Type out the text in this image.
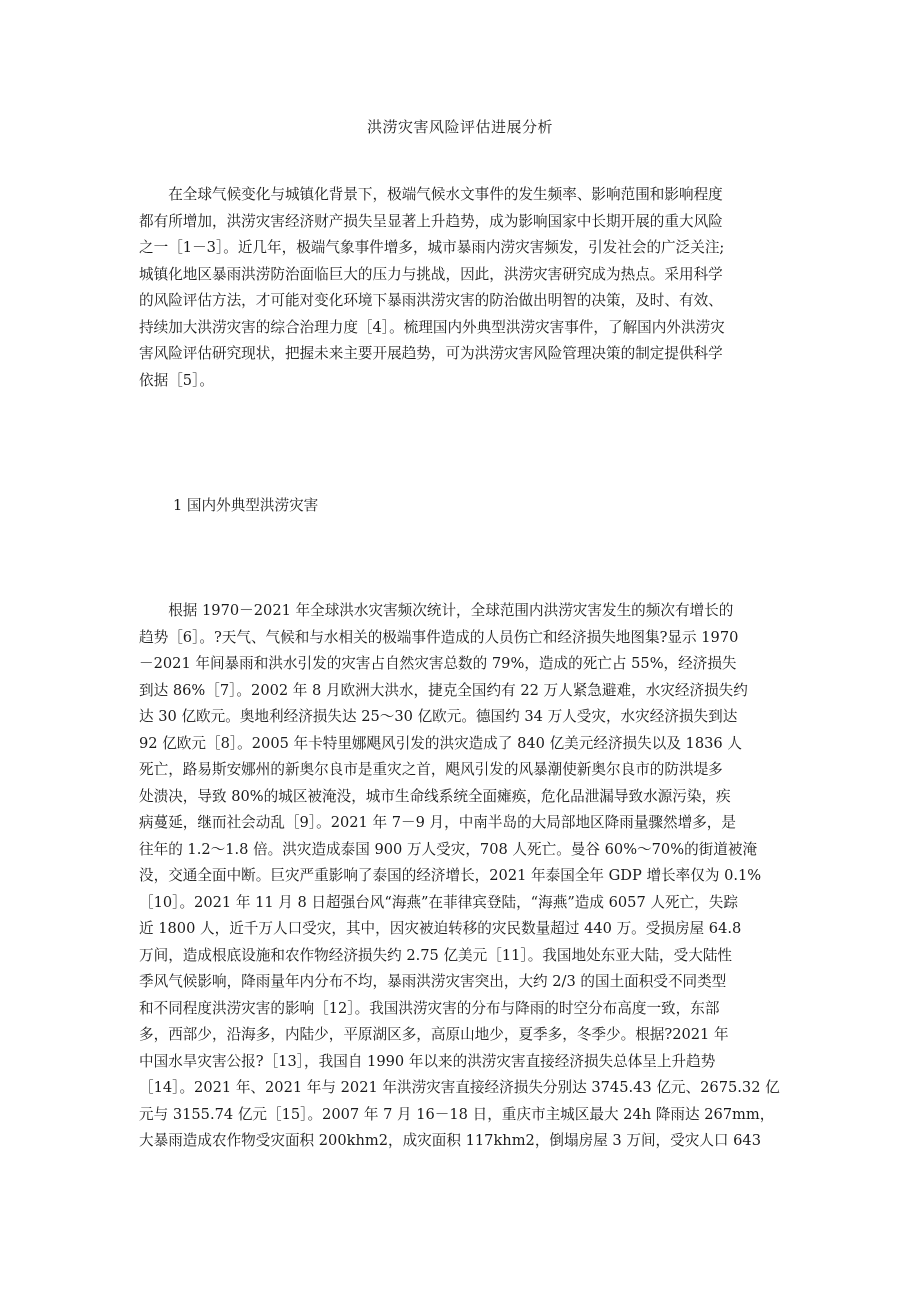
洪涝灾害风险评估进展分析

　　在全球气候变化与城镇化背景下，极端气候水文事件的发生频率、影响范围和影响程度
都有所增加，洪涝灾害经济财产损失呈显著上升趋势，成为影响国家中长期开展的重大风险
之一［1－3］。近几年，极端气象事件增多，城市暴雨内涝灾害频发，引发社会的广泛关注;
城镇化地区暴雨洪涝防治面临巨大的压力与挑战，因此，洪涝灾害研究成为热点。采用科学
的风险评估方法，才可能对变化环境下暴雨洪涝灾害的防治做出明智的决策，及时、有效、
持续加大洪涝灾害的综合治理力度［4］。梳理国内外典型洪涝灾害事件，了解国内外洪涝灾
害风险评估研究现状，把握未来主要开展趋势，可为洪涝灾害风险管理决策的制定提供科学
依据［5］。

1 国内外典型洪涝灾害

　　根据 1970－2021 年全球洪水灾害频次统计，全球范围内洪涝灾害发生的频次有增长的
趋势［6］。?天气、气候和与水相关的极端事件造成的人员伤亡和经济损失地图集?显示 1970
－2021 年间暴雨和洪水引发的灾害占自然灾害总数的 79%，造成的死亡占 55%，经济损失
到达 86%［7］。2002 年 8 月欧洲大洪水，捷克全国约有 22 万人紧急避难，水灾经济损失约
达 30 亿欧元。奥地利经济损失达 25～30 亿欧元。德国约 34 万人受灾，水灾经济损失到达
92 亿欧元［8］。2005 年卡特里娜飓风引发的洪灾造成了 840 亿美元经济损失以及 1836 人
死亡，路易斯安娜州的新奥尔良市是重灾之首，飓风引发的风暴潮使新奥尔良市的防洪堤多
处溃决，导致 80%的城区被淹没，城市生命线系统全面瘫痪，危化品泄漏导致水源污染，疾
病蔓延，继而社会动乱［9］。2021 年 7－9 月，中南半岛的大局部地区降雨量骤然增多，是
往年的 1.2～1.8 倍。洪灾造成泰国 900 万人受灾，708 人死亡。曼谷 60%～70%的街道被淹
没，交通全面中断。巨灾严重影响了泰国的经济增长，2021 年泰国全年 GDP 增长率仅为 0.1%
［10］。2021 年 11 月 8 日超强台风“海燕”在菲律宾登陆，“海燕”造成 6057 人死亡，失踪
近 1800 人，近千万人口受灾，其中，因灾被迫转移的灾民数量超过 440 万。受损房屋 64.8
万间，造成根底设施和农作物经济损失约 2.75 亿美元［11］。我国地处东亚大陆，受大陆性
季风气候影响，降雨量年内分布不均，暴雨洪涝灾害突出，大约 2/3 的国土面积受不同类型
和不同程度洪涝灾害的影响［12］。我国洪涝灾害的分布与降雨的时空分布高度一致，东部
多，西部少，沿海多，内陆少，平原湖区多，高原山地少，夏季多，冬季少。根据?2021 年
中国水旱灾害公报?［13］，我国自 1990 年以来的洪涝灾害直接经济损失总体呈上升趋势
［14］。2021 年、2021 年与 2021 年洪涝灾害直接经济损失分别达 3745.43 亿元、2675.32 亿
元与 3155.74 亿元［15］。2007 年 7 月 16－18 日，重庆市主城区最大 24h 降雨达 267mm，
大暴雨造成农作物受灾面积 200khm2，成灾面积 117khm2，倒塌房屋 3 万间，受灾人口 643
